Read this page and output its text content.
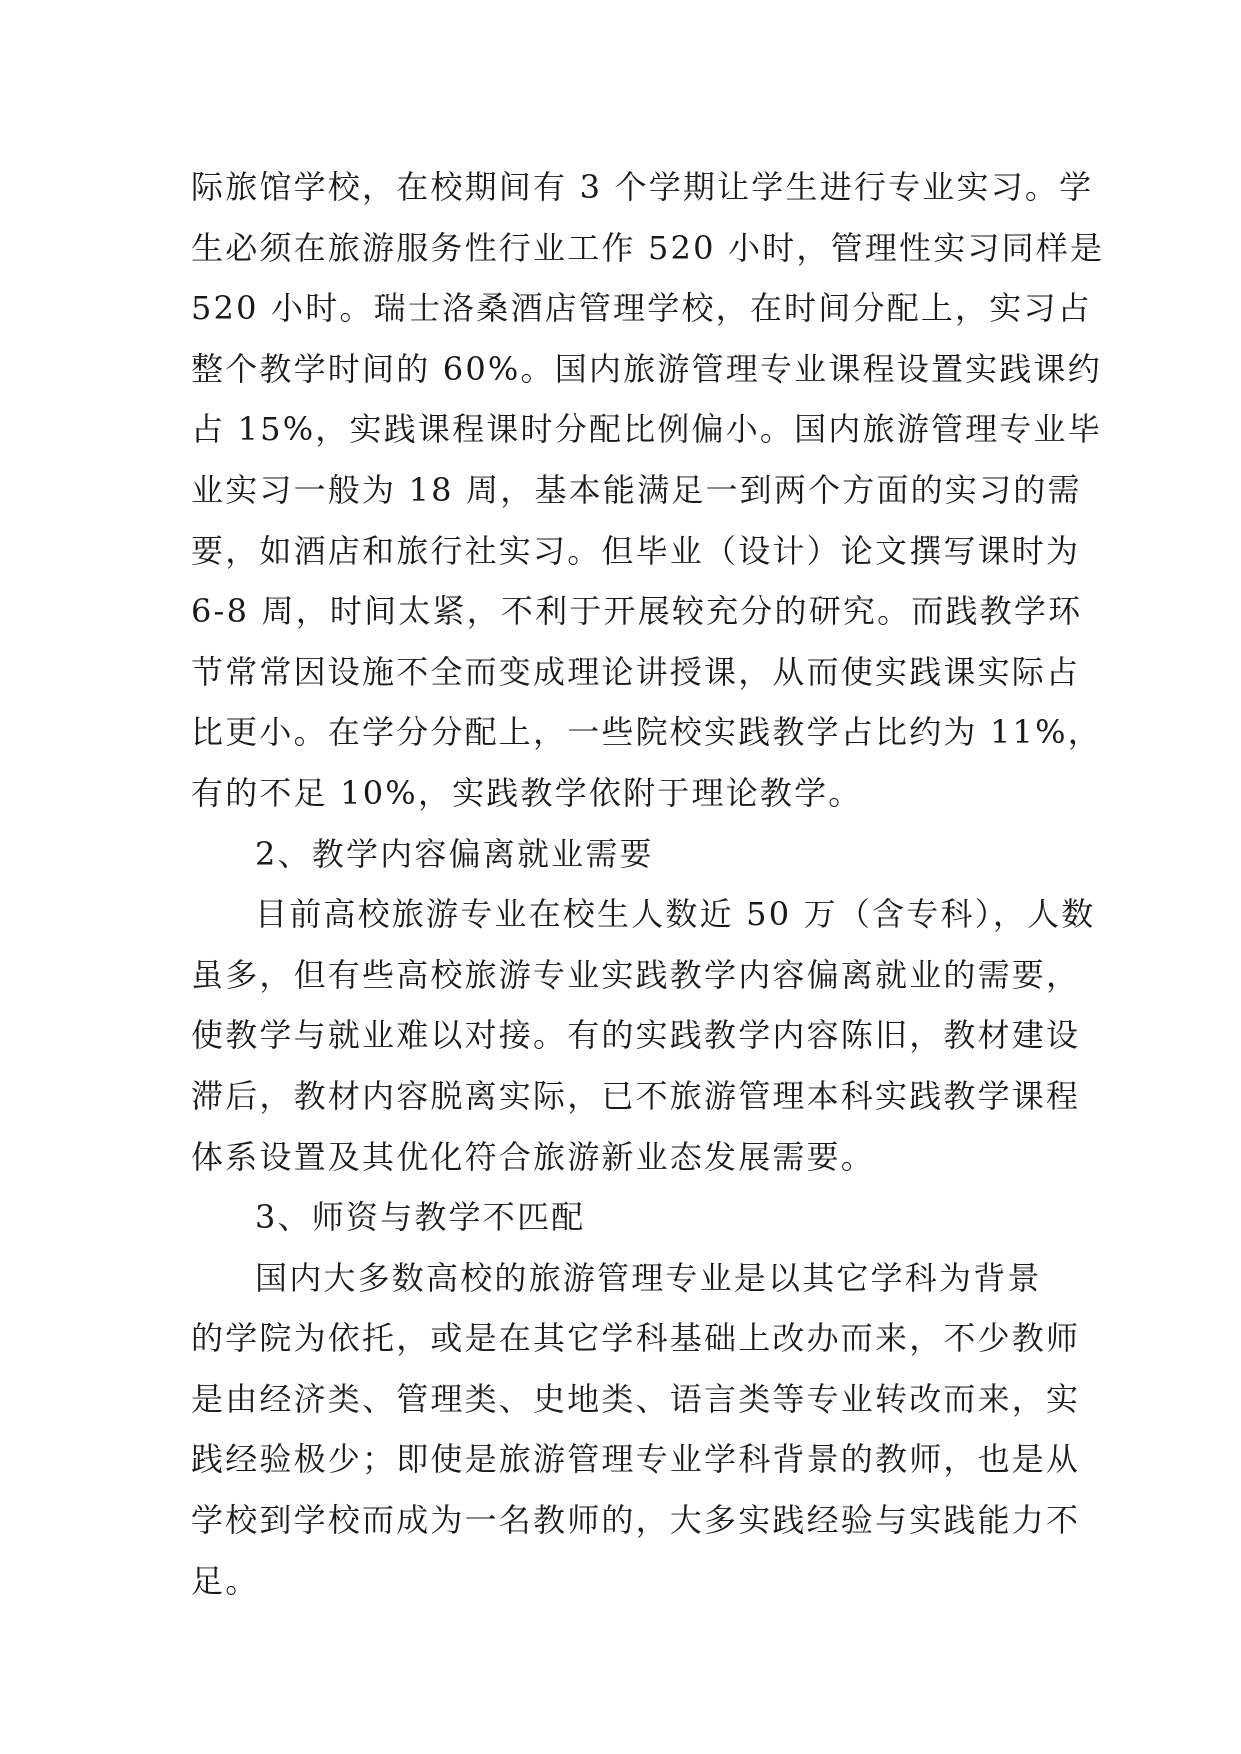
际旅馆学校，在校期间有 3 个学期让学生进行专业实习。学
生必须在旅游服务性行业工作 520 小时，管理性实习同样是
520 小时。瑞士洛桑酒店管理学校，在时间分配上，实习占
整个教学时间的 60%。国内旅游管理专业课程设置实践课约
占 15%，实践课程课时分配比例偏小。国内旅游管理专业毕
业实习一般为 18 周，基本能满足一到两个方面的实习的需
要，如酒店和旅行社实习。但毕业（设计）论文撰写课时为
6-8 周，时间太紧，不利于开展较充分的研究。而践教学环
节常常因设施不全而变成理论讲授课，从而使实践课实际占
比更小。在学分分配上，一些院校实践教学占比约为 11%，
有的不足 10%，实践教学依附于理论教学。
2、教学内容偏离就业需要
目前高校旅游专业在校生人数近 50 万（含专科），人数
虽多，但有些高校旅游专业实践教学内容偏离就业的需要，
使教学与就业难以对接。有的实践教学内容陈旧，教材建设
滞后，教材内容脱离实际，已不旅游管理本科实践教学课程
体系设置及其优化符合旅游新业态发展需要。
3、师资与教学不匹配
国内大多数高校的旅游管理专业是以其它学科为背景
的学院为依托，或是在其它学科基础上改办而来，不少教师
是由经济类、管理类、史地类、语言类等专业转改而来，实
践经验极少；即使是旅游管理专业学科背景的教师，也是从
学校到学校而成为一名教师的，大多实践经验与实践能力不
足。
